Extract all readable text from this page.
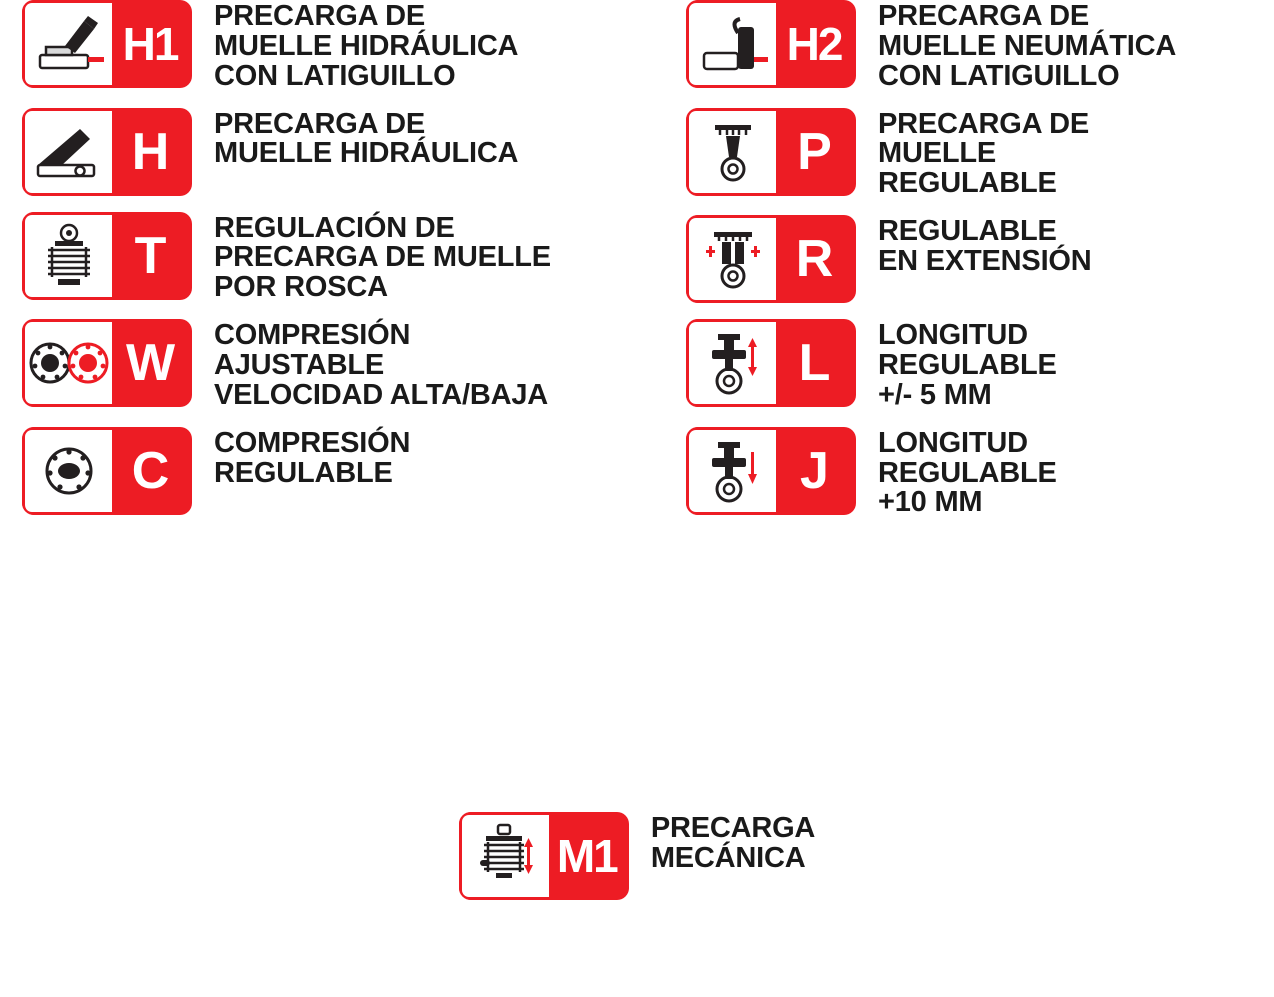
H1
PRECARGA DE
MUELLE HIDRÁULICA
CON LATIGUILLO
H	PRECARGA DE
MUELLE HIDRÁULICA
T	REGULACIÓN DE
PRECARGA DE MUELLE
POR ROSCA
W	COMPRESIÓN
AJUSTABLE
VELOCIDAD ALTA/BAJA
C	COMPRESIÓN
REGULABLE
H2
PRECARGA DE
MUELLE NEUMÁTICA
CON LATIGUILLO
P	PRECARGA DE
MUELLE
REGULABLE
R	REGULABLE
EN EXTENSIÓN
L	LONGITUD
REGULABLE
+/- 5 MM
J	LONGITUD
REGULABLE
+10 MM
M1
PRECARGA
MECÁNICA
